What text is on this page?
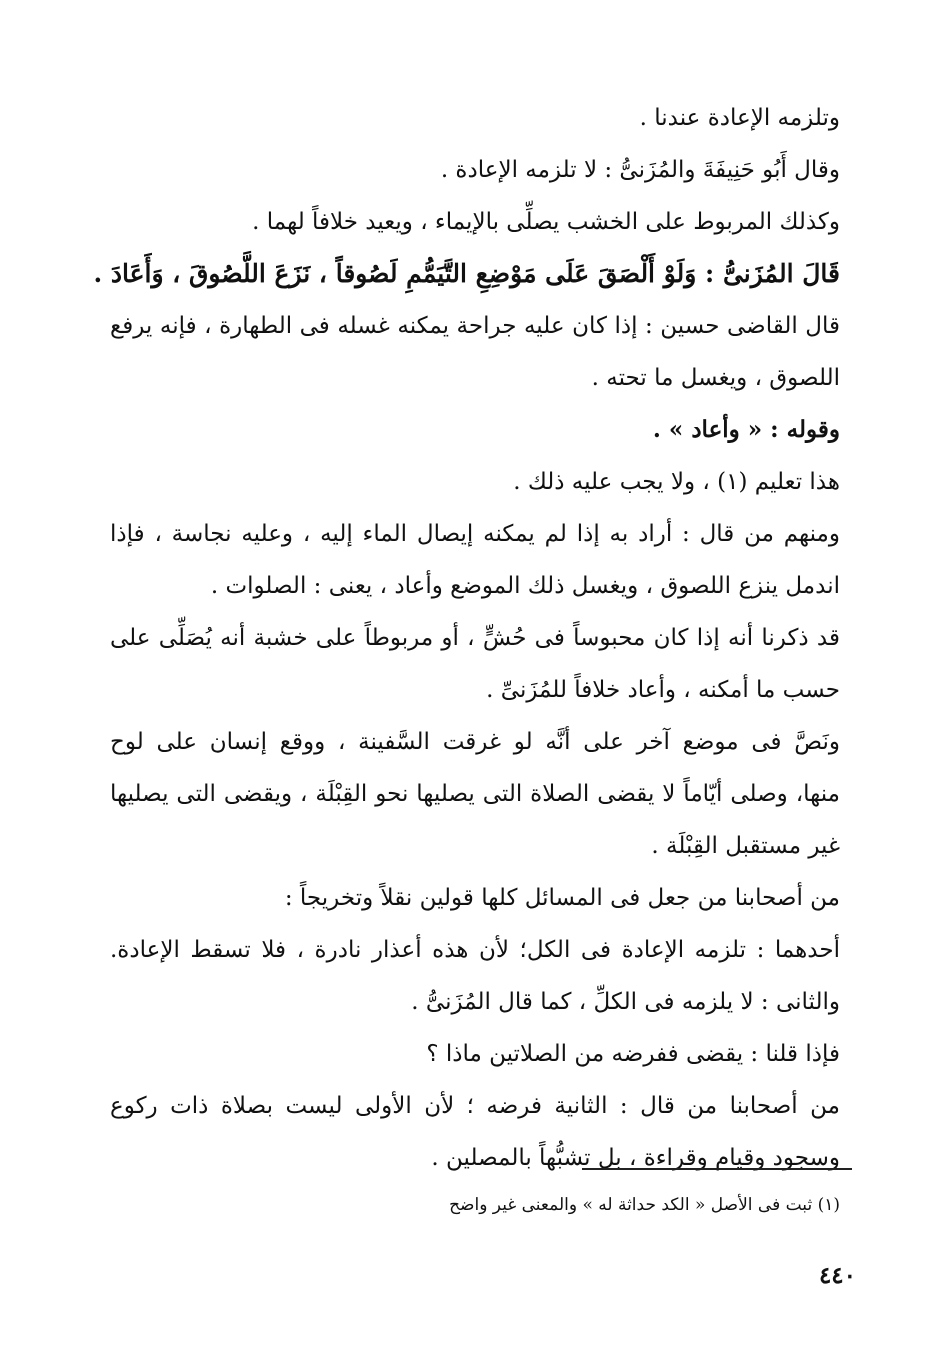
وتلزمه الإعادة عندنا .
وقال أَبُو حَنِيفَةَ والمُزَنىُّ : لا تلزمه الإعادة .
وكذلك المربوط على الخشب يصلِّى بالإيماء ، ويعيد خلافاً لهما .
قَالَ المُزَنىُّ : وَلَوْ أَلْصَقَ عَلَى مَوْضِعِ التَّيَمُّمِ لَصُوقاً ، نَزَعَ اللَّصُوقَ ، وَأَعَادَ .
قال القاضى حسين : إذا كان عليه جراحة يمكنه غسله فى الطهارة ، فإنه يرفع
اللصوق ، ويغسل ما تحته .
وقوله : « وأعاد » .
هذا تعليم (١) ، ولا يجب عليه ذلك .
ومنهم من قال : أراد به إذا لم يمكنه إيصال الماء إليه ، وعليه نجاسة ، فإذا
اندمل ينزع اللصوق ، ويغسل ذلك الموضع وأعاد ، يعنى : الصلوات .
قد ذكرنا أنه إذا كان محبوساً فى حُشٍّ ، أو مربوطاً على خشبة أنه يُصَلِّى على
حسب ما أمكنه ، وأعاد خلافاً للمُزَنىِّ .
ونَصَّ فى موضع آخر على أنَّه لو غرقت السَّفينة ، ووقع إنسان على لوح
منها، وصلى أيّاماً لا يقضى الصلاة التى يصليها نحو القِبْلَة ، ويقضى التى يصليها
غير مستقبل القِبْلَة .
من أصحابنا من جعل فى المسائل كلها قولين نقلاً وتخريجاً :
أحدهما : تلزمه الإعادة فى الكل؛ لأن هذه أعذار نادرة ، فلا تسقط الإعادة.
والثانى : لا يلزمه فى الكلِّ ، كما قال المُزَنىُّ .
فإذا قلنا : يقضى ففرضه من الصلاتين ماذا ؟
من أصحابنا من قال : الثانية فرضه ؛ لأن الأولى ليست بصلاة ذات ركوع
وسجود وقيام وقراءة ، بل تشبُّهاً بالمصلين .
(١) ثبت فى الأصل « الكد حداثة له » والمعنى غير واضح
٤٤٠
